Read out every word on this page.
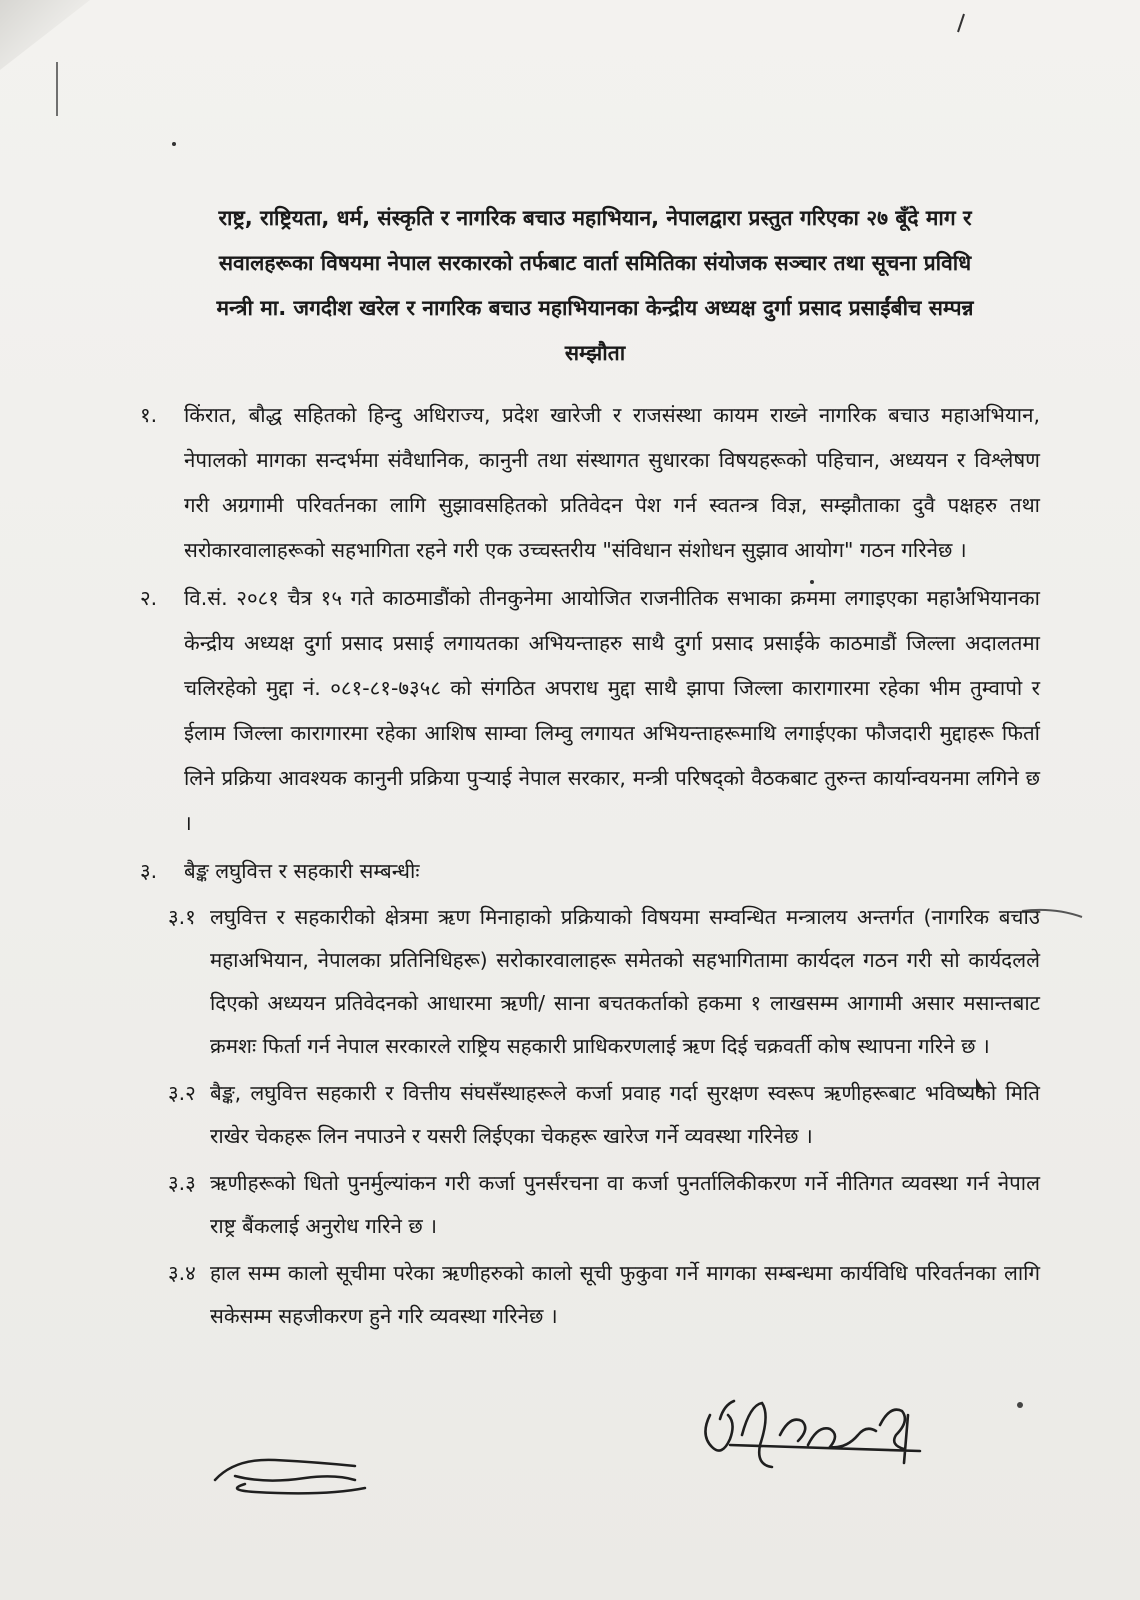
राष्ट्र, राष्ट्रियता, धर्म, संस्कृति र नागरिक बचाउ महाभियान, नेपालद्वारा प्रस्तुत गरिएका २७ बूँदे माग र
सवालहरूका विषयमा नेपाल सरकारको तर्फबाट वार्ता समितिका संयोजक सञ्चार तथा सूचना प्रविधि
मन्त्री मा. जगदीश खरेल र नागरिक बचाउ महाभियानका केन्द्रीय अध्यक्ष दुर्गा प्रसाद प्रसाईंबीच सम्पन्न
सम्झौता
१. किंरात, बौद्ध सहितको हिन्दु अधिराज्य, प्रदेश खारेजी र राजसंस्था कायम राख्ने नागरिक बचाउ महाअभियान, नेपालको मागका सन्दर्भमा संवैधानिक, कानुनी तथा संस्थागत सुधारका विषयहरूको पहिचान, अध्ययन र विश्लेषण गरी अग्रगामी परिवर्तनका लागि सुझावसहितको प्रतिवेदन पेश गर्न स्वतन्त्र विज्ञ, सम्झौताका दुवै पक्षहरु तथा सरोकारवालाहरूको सहभागिता रहने गरी एक उच्चस्तरीय "संविधान संशोधन सुझाव आयोग" गठन गरिनेछ ।
२. वि.सं. २०८१ चैत्र १५ गते काठमाडौंको तीनकुनेमा आयोजित राजनीतिक सभाका क्रममा लगाइएका महाअभियानका केन्द्रीय अध्यक्ष दुर्गा प्रसाद प्रसाई लगायतका अभियन्ताहरु साथै दुर्गा प्रसाद प्रसाईंके काठमाडौं जिल्ला अदालतमा चलिरहेको मुद्दा नं. ०८१-८१-७३५८ को संगठित अपराध मुद्दा साथै झापा जिल्ला कारागारमा रहेका भीम तुम्वापो र ईलाम जिल्ला कारागारमा रहेका आशिष साम्वा लिम्वु लगायत अभियन्ताहरूमाथि लगाईएका फौजदारी मुद्दाहरू फिर्ता लिने प्रक्रिया आवश्यक कानुनी प्रक्रिया पुऱ्याई नेपाल सरकार, मन्त्री परिषद्को वैठकबाट तुरुन्त कार्यान्वयनमा लगिने छ ।
३. बैङ्क लघुवित्त र सहकारी सम्बन्धीः
३.१ लघुवित्त र सहकारीको क्षेत्रमा ऋण मिनाहाको प्रक्रियाको विषयमा सम्वन्धित मन्त्रालय अन्तर्गत (नागरिक बचाउ महाअभियान, नेपालका प्रतिनिधिहरू) सरोकारवालाहरू समेतको सहभागितामा कार्यदल गठन गरी सो कार्यदलले दिएको अध्ययन प्रतिवेदनको आधारमा ऋणी/ साना बचतकर्ताको हकमा १ लाखसम्म आगामी असार मसान्तबाट क्रमशः फिर्ता गर्न नेपाल सरकारले राष्ट्रिय सहकारी प्राधिकरणलाई ऋण दिई चक्रवर्ती कोष स्थापना गरिने छ ।
३.२ बैङ्क, लघुवित्त सहकारी र वित्तीय संघसँस्थाहरूले कर्जा प्रवाह गर्दा सुरक्षण स्वरूप ऋणीहरूबाट भविष्यको मिति राखेर चेकहरू लिन नपाउने र यसरी लिईएका चेकहरू खारेज गर्ने व्यवस्था गरिनेछ ।
३.३ ऋणीहरूको धितो पुनर्मुल्यांकन गरी कर्जा पुनर्संरचना वा कर्जा पुनर्तालिकीकरण गर्ने नीतिगत व्यवस्था गर्न नेपाल राष्ट्र बैंकलाई अनुरोध गरिने छ ।
३.४ हाल सम्म कालो सूचीमा परेका ऋणीहरुको कालो सूची फुकुवा गर्ने मागका सम्बन्धमा कार्यविधि परिवर्तनका लागि सकेसम्म सहजीकरण हुने गरि व्यवस्था गरिनेछ ।
